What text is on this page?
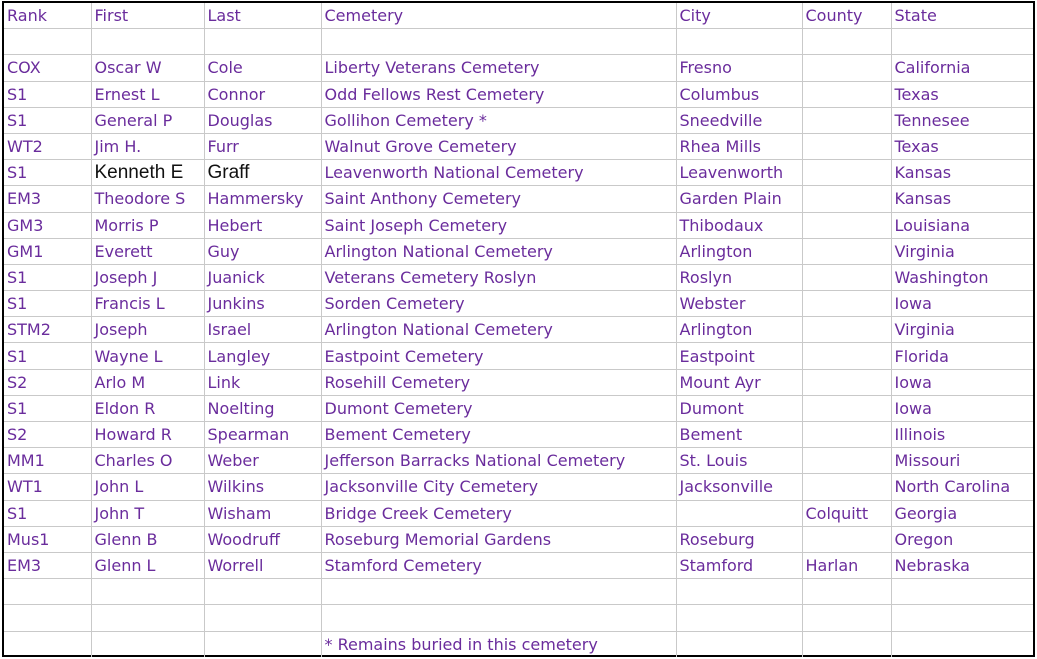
Rank	First	Last	Cemetery	City	County	State

COX	Oscar W	Cole	Liberty Veterans Cemetery	Fresno		California
S1	Ernest L	Connor	Odd Fellows Rest Cemetery	Columbus		Texas
S1	General P	Douglas	Gollihon Cemetery *	Sneedville		Tennesee
WT2	Jim H.	Furr	Walnut Grove Cemetery	Rhea Mills		Texas
S1	Kenneth E	Graff	Leavenworth National Cemetery	Leavenworth		Kansas
EM3	Theodore S	Hammersky	Saint Anthony Cemetery	Garden Plain		Kansas
GM3	Morris P	Hebert	Saint Joseph Cemetery	Thibodaux		Louisiana
GM1	Everett	Guy	Arlington National Cemetery	Arlington		Virginia
S1	Joseph J	Juanick	Veterans Cemetery Roslyn	Roslyn		Washington
S1	Francis L	Junkins	Sorden Cemetery	Webster		Iowa
STM2	Joseph	Israel	Arlington National Cemetery	Arlington		Virginia
S1	Wayne L	Langley	Eastpoint Cemetery	Eastpoint		Florida
S2	Arlo M	Link	Rosehill Cemetery	Mount Ayr		Iowa
S1	Eldon R	Noelting	Dumont Cemetery	Dumont		Iowa
S2	Howard R	Spearman	Bement Cemetery	Bement		Illinois
MM1	Charles O	Weber	Jefferson Barracks National Cemetery	St. Louis		Missouri
WT1	John L	Wilkins	Jacksonville City Cemetery	Jacksonville		North Carolina
S1	John T	Wisham	Bridge Creek Cemetery		Colquitt	Georgia
Mus1	Glenn B	Woodruff	Roseburg Memorial Gardens	Roseburg		Oregon
EM3	Glenn L	Worrell	Stamford Cemetery	Stamford	Harlan	Nebraska

			* Remains buried in this cemetery			
